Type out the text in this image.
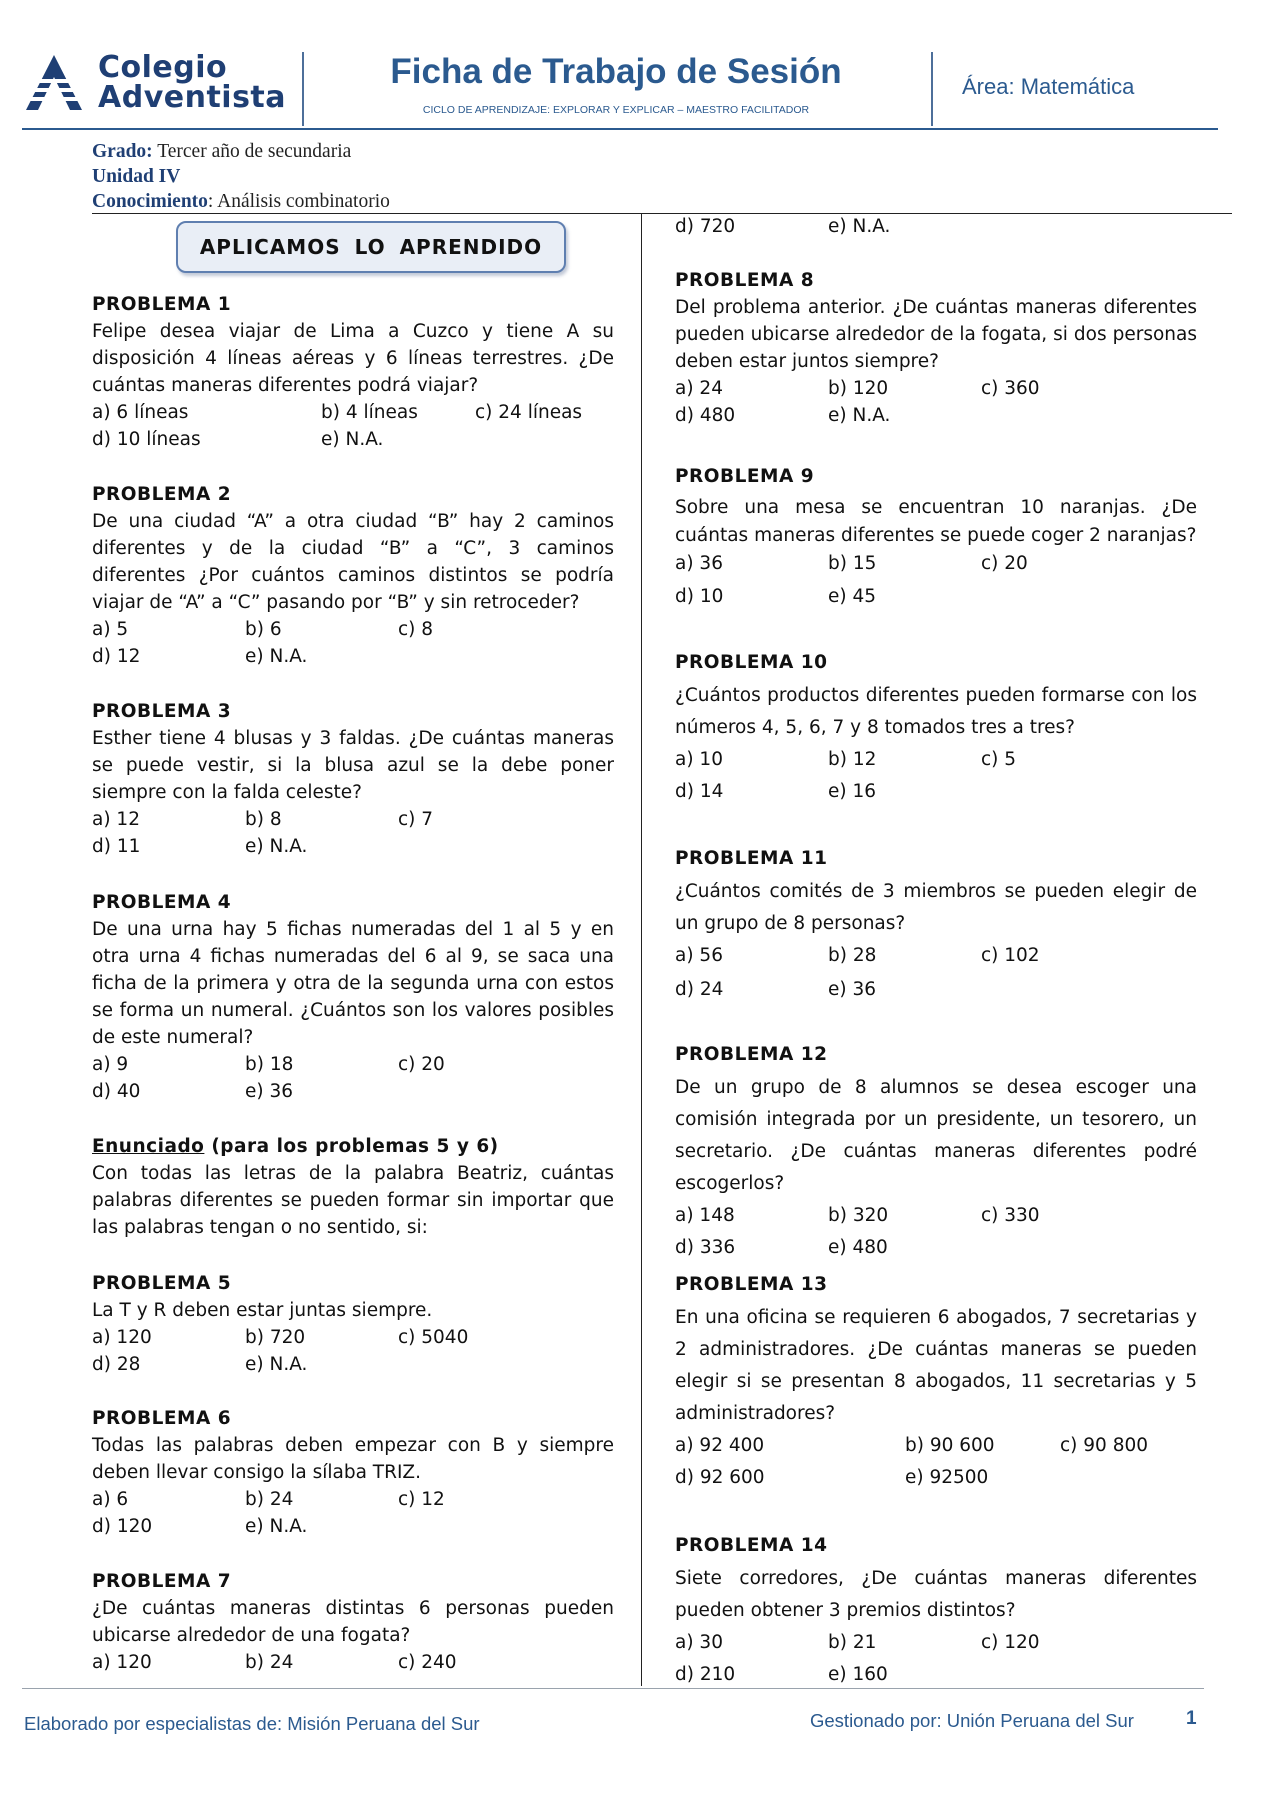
Colegio
Adventista
Ficha de Trabajo de Sesión
CICLO DE APRENDIZAJE: EXPLORAR Y EXPLICAR – MAESTRO FACILITADOR
Área: Matemática
Grado: Tercer año de secundaria
Unidad IV
Conocimiento: Análisis combinatorio
APLICAMOS LO APRENDIDO
PROBLEMA 1
Felipe desea viajar de Lima a Cuzco y tiene A su disposición 4 líneas aéreas y 6 líneas terrestres. ¿De cuántas maneras diferentes podrá viajar?
a) 6 líneas	b) 4 líneas	c) 24 líneas
d) 10 líneas	e) N.A.
PROBLEMA 2
De una ciudad “A” a otra ciudad “B” hay 2 caminos diferentes y de la ciudad “B” a “C”, 3 caminos diferentes ¿Por cuántos caminos distintos se podría viajar de “A” a “C” pasando por “B” y sin retroceder?
a) 5	b) 6	c) 8
d) 12	e) N.A.
PROBLEMA 3
Esther tiene 4 blusas y 3 faldas. ¿De cuántas maneras se puede vestir, si la blusa azul se la debe poner siempre con la falda celeste?
a) 12	b) 8	c) 7
d) 11	e) N.A.
PROBLEMA 4
De una urna hay 5 fichas numeradas del 1 al 5 y en otra urna 4 fichas numeradas del 6 al 9, se saca una ficha de la primera y otra de la segunda urna con estos se forma un numeral. ¿Cuántos son los valores posibles de este numeral?
a) 9	b) 18	c) 20
d) 40	e) 36
Enunciado (para los problemas 5 y 6)
Con todas las letras de la palabra Beatriz, cuántas palabras diferentes se pueden formar sin importar que las palabras tengan o no sentido, si:
PROBLEMA 5
La T y R deben estar juntas siempre.
a) 120	b) 720	c) 5040
d) 28	e) N.A.
PROBLEMA 6
Todas las palabras deben empezar con B y siempre deben llevar consigo la sílaba TRIZ.
a) 6	b) 24	c) 12
d) 120	e) N.A.
PROBLEMA 7
¿De cuántas maneras distintas 6 personas pueden ubicarse alrededor de una fogata?
a) 120	b) 24	c) 240
d) 720	e) N.A.
PROBLEMA 8
Del problema anterior. ¿De cuántas maneras diferentes pueden ubicarse alrededor de la fogata, si dos personas deben estar juntos siempre?
a) 24	b) 120	c) 360
d) 480	e) N.A.
PROBLEMA 9
Sobre una mesa se encuentran 10 naranjas. ¿De cuántas maneras diferentes se puede coger 2 naranjas?
a) 36	b) 15	c) 20
d) 10	e) 45
PROBLEMA 10
¿Cuántos productos diferentes pueden formarse con los números 4, 5, 6, 7 y 8 tomados tres a tres?
a) 10	b) 12	c) 5
d) 14	e) 16
PROBLEMA 11
¿Cuántos comités de 3 miembros se pueden elegir de un grupo de 8 personas?
a) 56	b) 28	c) 102
d) 24	e) 36
PROBLEMA 12
De un grupo de 8 alumnos se desea escoger una comisión integrada por un presidente, un tesorero, un secretario. ¿De cuántas maneras diferentes podré escogerlos?
a) 148	b) 320	c) 330
d) 336	e) 480
PROBLEMA 13
En una oficina se requieren 6 abogados, 7 secretarias y 2 administradores. ¿De cuántas maneras se pueden elegir si se presentan 8 abogados, 11 secretarias y 5 administradores?
a) 92 400	b) 90 600	c) 90 800
d) 92 600	e) 92500
PROBLEMA 14
Siete corredores, ¿De cuántas maneras diferentes pueden obtener 3 premios distintos?
a) 30	b) 21	c) 120
d) 210	e) 160
Elaborado por especialistas de: Misión Peruana del Sur	Gestionado por: Unión Peruana del Sur	1
